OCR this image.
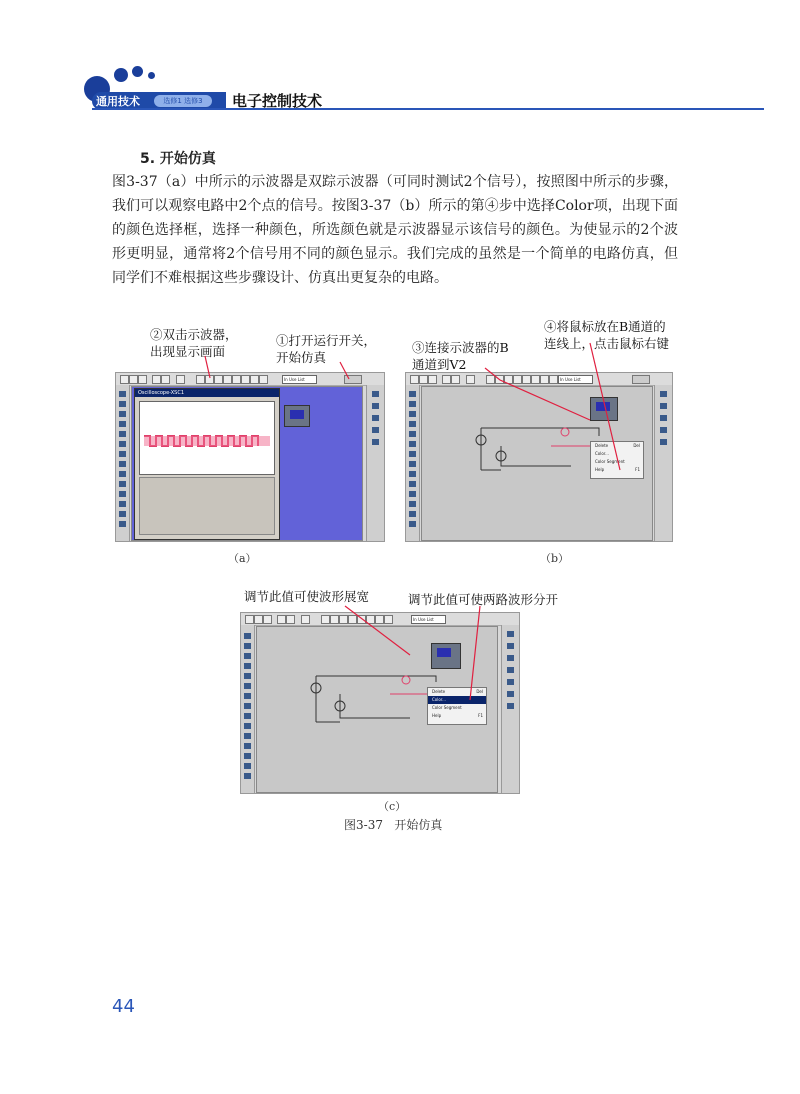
通用技术	选修1 选修3	电子控制技术
5. 开始仿真
图3-37（a）中所示的示波器是双踪示波器（可同时测试2个信号），按照图中所示的步骤，我们可以观察电路中2个点的信号。按图3-37（b）所示的第④步中选择Color项，出现下面的颜色选择框，选择一种颜色，所选颜色就是示波器显示该信号的颜色。为使显示的2个波形更明显，通常将2个信号用不同的颜色显示。我们完成的虽然是一个简单的电路仿真，但同学们不难根据这些步骤设计、仿真出更复杂的电路。
②双击示波器，
出现显示画面
①打开运行开关，
开始仿真
③连接示波器的B
通道到V2
④将鼠标放在B通道的
连线上，点击鼠标右键
调节此值可使波形展宽	调节此值可使两路波形分开
In Use List
Oscilloscope-XSC1
In Use List
Delete	Del
Color...
Color Segment
Help	F1
In Use List
Delete	Del
Color...
Color Segment
Help	F1
（a）	（b）
（c）
图3-37   开始仿真
44
